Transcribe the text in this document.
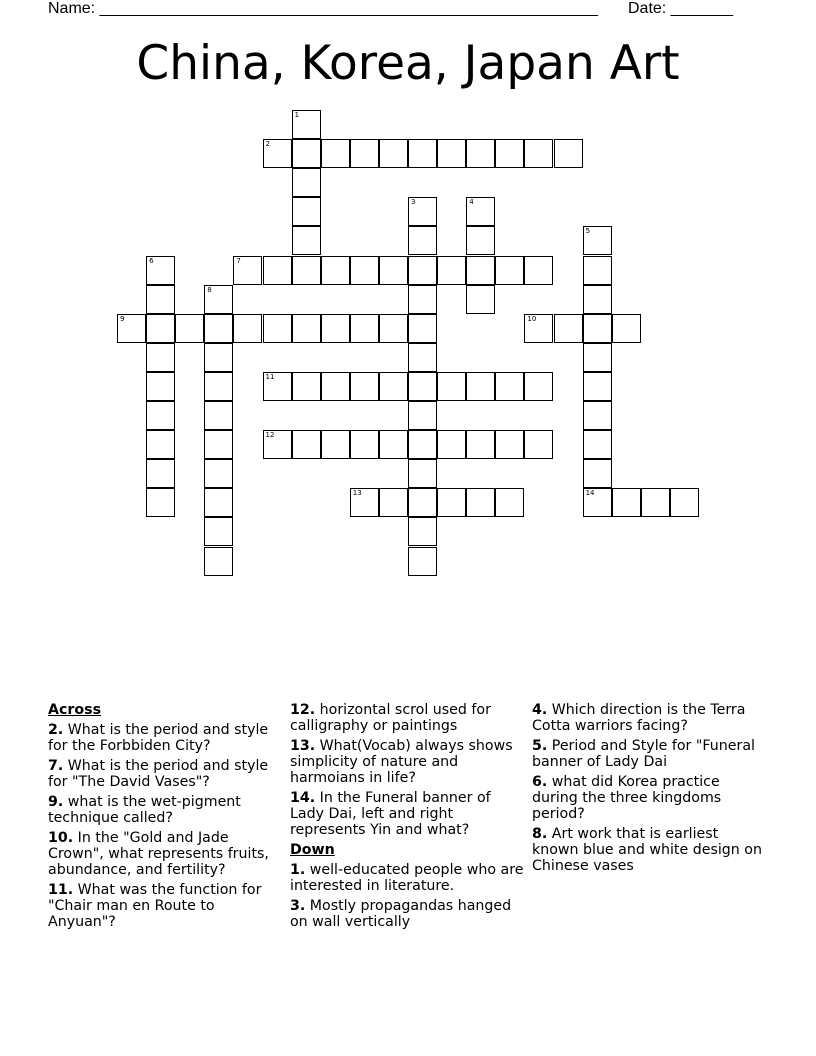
Name: ________________________________________________________ Date: _______
China, Korea, Japan Art
1
2
3	4
5
14
6	7
8
9	10
11
12
13
Across
2. What is the period and style for the Forbbiden City?
7. What is the period and style for "The David Vases"?
9. what is the wet-pigment technique called?
10. In the "Gold and Jade Crown", what represents fruits, abundance, and fertility?
11. What was the function for "Chair man en Route to Anyuan"?
12. horizontal scrol used for calligraphy or paintings
13. What(Vocab) always shows simplicity of nature and harmoians in life?
14. In the Funeral banner of Lady Dai, left and right represents Yin and what?
Down
1. well-educated people who are interested in literature.
3. Mostly propagandas hanged on wall vertically
4. Which direction is the Terra Cotta warriors facing?
5. Period and Style for "Funeral banner of Lady Dai
6. what did Korea practice during the three kingdoms period?
8. Art work that is earliest known blue and white design on Chinese vases
